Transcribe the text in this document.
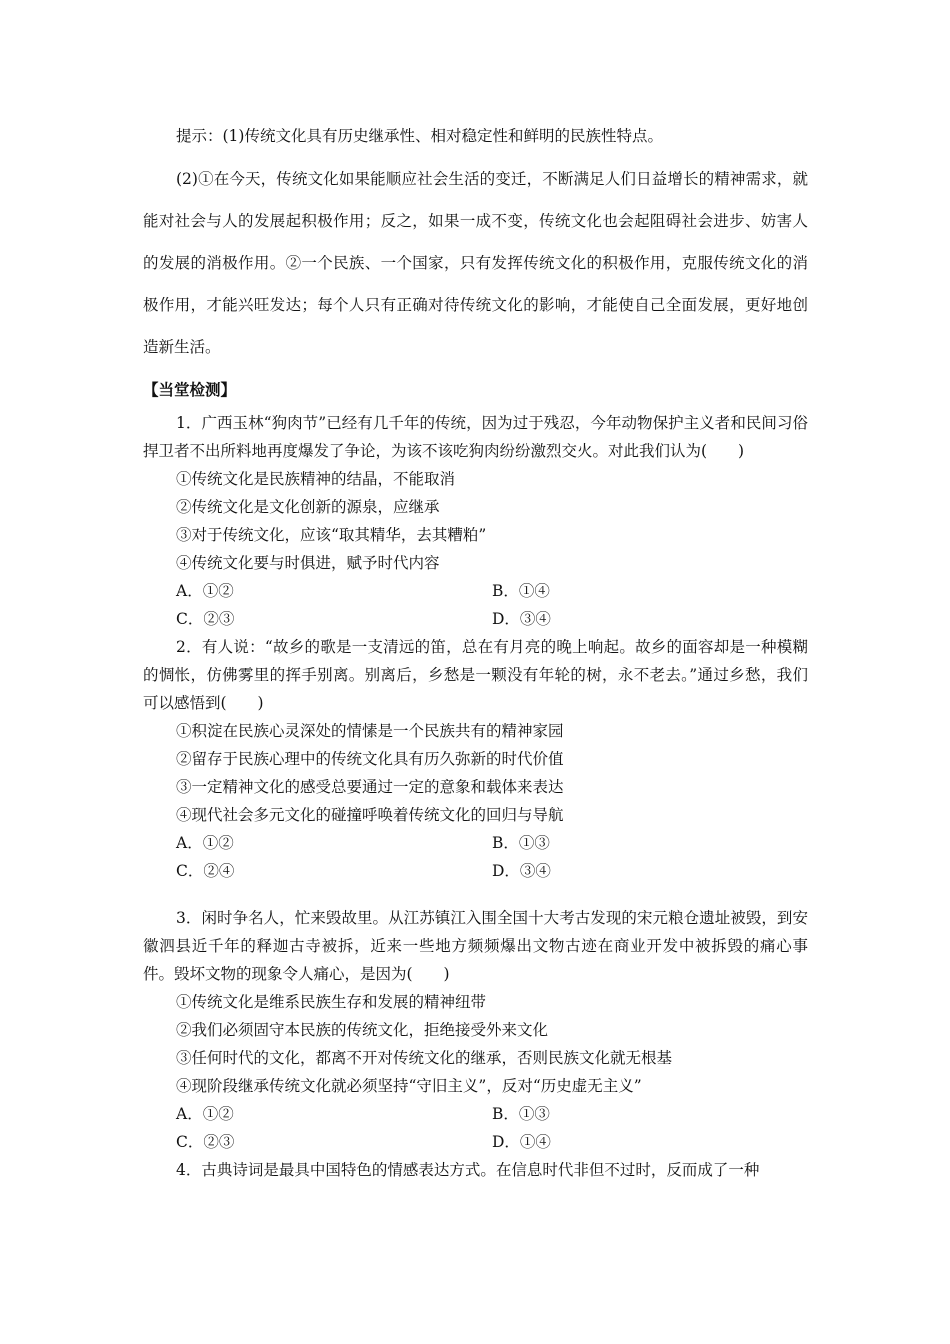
提示：(1)传统文化具有历史继承性、相对稳定性和鲜明的民族性特点。

(2)①在今天，传统文化如果能顺应社会生活的变迁，不断满足人们日益增长的精神需求，就能对社会与人的发展起积极作用；反之，如果一成不变，传统文化也会起阻碍社会进步、妨害人的发展的消极作用。②一个民族、一个国家，只有发挥传统文化的积极作用，克服传统文化的消极作用，才能兴旺发达；每个人只有正确对待传统文化的影响，才能使自己全面发展，更好地创造新生活。

【当堂检测】

1．广西玉林“狗肉节”已经有几千年的传统，因为过于残忍，今年动物保护主义者和民间习俗捍卫者不出所料地再度爆发了争论，为该不该吃狗肉纷纷激烈交火。对此我们认为(　　)

①传统文化是民族精神的结晶，不能取消

②传统文化是文化创新的源泉，应继承

③对于传统文化，应该“取其精华，去其糟粕”

④传统文化要与时俱进，赋予时代内容

A．①②	B．①④
C．②③	D．③④

2．有人说：“故乡的歌是一支清远的笛，总在有月亮的晚上响起。故乡的面容却是一种模糊的惆怅，仿佛雾里的挥手别离。别离后，乡愁是一颗没有年轮的树，永不老去。”通过乡愁，我们可以感悟到(　　)

①积淀在民族心灵深处的情愫是一个民族共有的精神家园

②留存于民族心理中的传统文化具有历久弥新的时代价值

③一定精神文化的感受总要通过一定的意象和载体来表达

④现代社会多元文化的碰撞呼唤着传统文化的回归与导航

A．①②	B．①③
C．②④	D．③④

3．闲时争名人，忙来毁故里。从江苏镇江入围全国十大考古发现的宋元粮仓遗址被毁，到安徽泗县近千年的释迦古寺被拆，近来一些地方频频爆出文物古迹在商业开发中被拆毁的痛心事件。毁坏文物的现象令人痛心，是因为(　　)

①传统文化是维系民族生存和发展的精神纽带

②我们必须固守本民族的传统文化，拒绝接受外来文化

③任何时代的文化，都离不开对传统文化的继承，否则民族文化就无根基

④现阶段继承传统文化就必须坚持“守旧主义”，反对“历史虚无主义”

A．①②	B．①③
C．②③	D．①④

4．古典诗词是最具中国特色的情感表达方式。在信息时代非但不过时，反而成了一种
